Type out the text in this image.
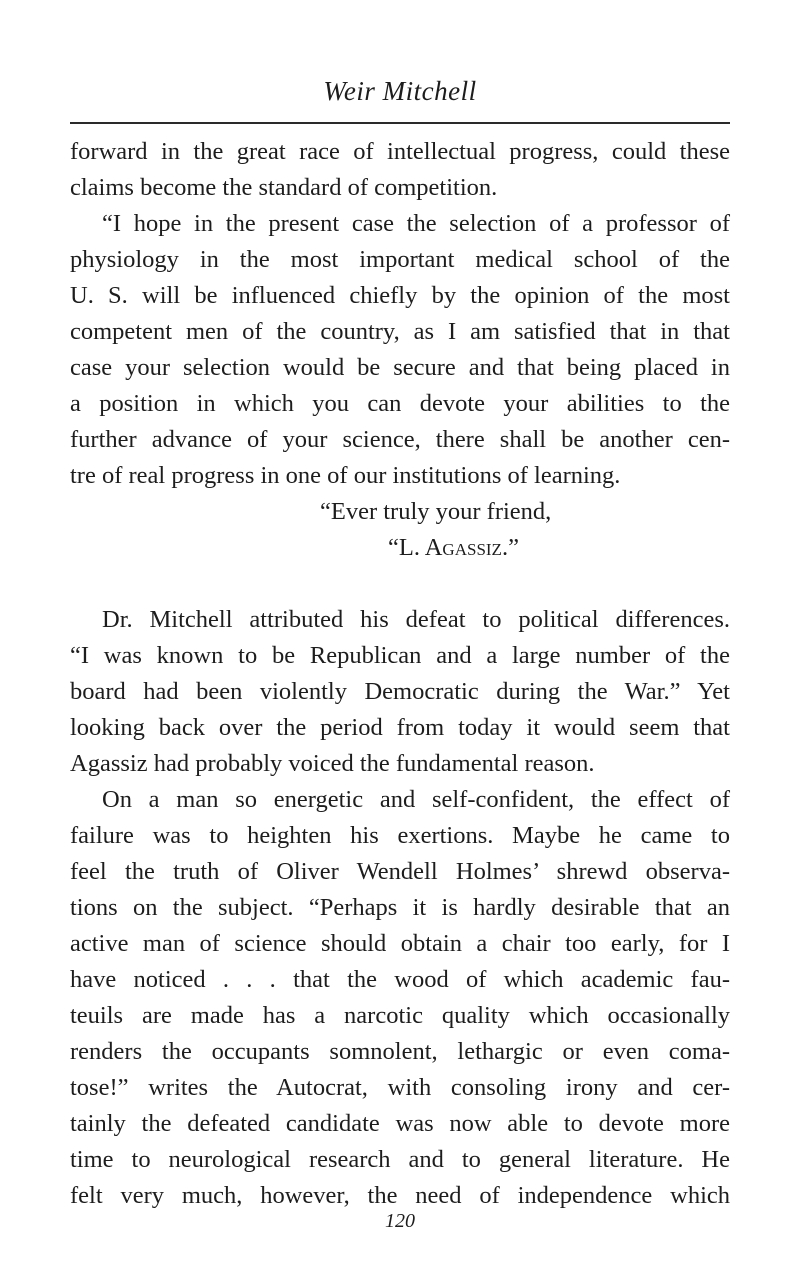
Weir Mitchell
forward in the great race of intellectual progress, could these
claims become the standard of competition.
“I hope in the present case the selection of a professor of
physiology in the most important medical school of the
U. S. will be influenced chiefly by the opinion of the most
competent men of the country, as I am satisfied that in that
case your selection would be secure and that being placed in
a position in which you can devote your abilities to the
further advance of your science, there shall be another cen-
tre of real progress in one of our institutions of learning.
“Ever truly your friend,
“L. Agassiz.”
Dr. Mitchell attributed his defeat to political differences.
“I was known to be Republican and a large number of the
board had been violently Democratic during the War.” Yet
looking back over the period from today it would seem that
Agassiz had probably voiced the fundamental reason.
On a man so energetic and self-confident, the effect of
failure was to heighten his exertions. Maybe he came to
feel the truth of Oliver Wendell Holmes’ shrewd observa-
tions on the subject. “Perhaps it is hardly desirable that an
active man of science should obtain a chair too early, for I
have noticed . . . that the wood of which academic fau-
teuils are made has a narcotic quality which occasionally
renders the occupants somnolent, lethargic or even coma-
tose!” writes the Autocrat, with consoling irony and cer-
tainly the defeated candidate was now able to devote more
time to neurological research and to general literature. He
felt very much, however, the need of independence which
120
